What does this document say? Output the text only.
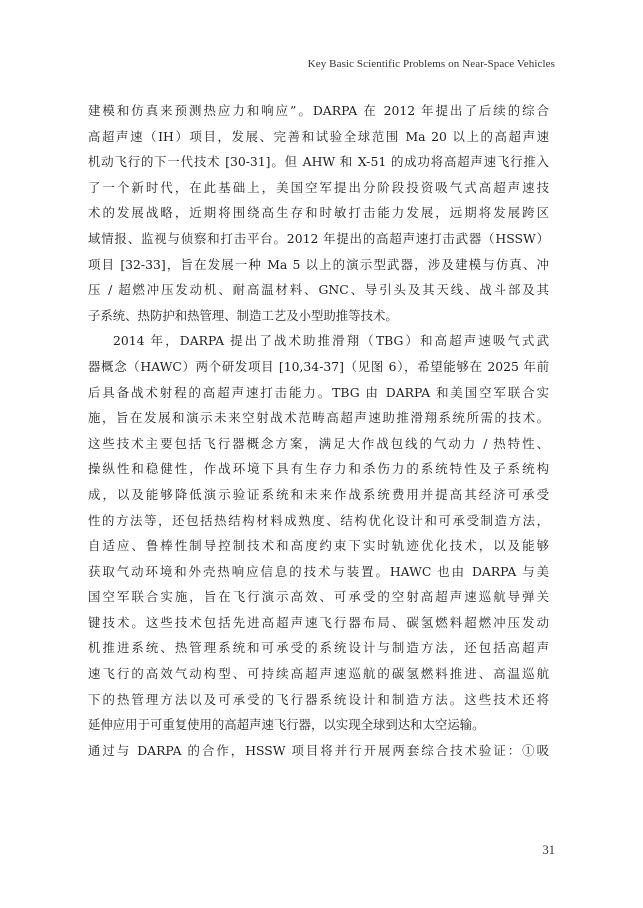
Key Basic Scientific Problems on Near-Space Vehicles
建模和仿真来预测热应力和响应”。DARPA 在 2012 年提出了后续的综合
高超声速（IH）项目，发展、完善和试验全球范围 Ma 20 以上的高超声速
机动飞行的下一代技术 [30-31]。但 AHW 和 X-51 的成功将高超声速飞行推入
了一个新时代，在此基础上，美国空军提出分阶段投资吸气式高超声速技
术的发展战略，近期将围绕高生存和时敏打击能力发展，远期将发展跨区
域情报、监视与侦察和打击平台。2012 年提出的高超声速打击武器（HSSW）
项目 [32-33]，旨在发展一种 Ma 5 以上的演示型武器，涉及建模与仿真、冲
压 / 超燃冲压发动机、耐高温材料、GNC、导引头及其天线、战斗部及其
子系统、热防护和热管理、制造工艺及小型助推等技术。
2014 年，DARPA 提出了战术助推滑翔（TBG）和高超声速吸气式武
器概念（HAWC）两个研发项目 [10,34-37]（见图 6），希望能够在 2025 年前
后具备战术射程的高超声速打击能力。TBG 由 DARPA 和美国空军联合实
施，旨在发展和演示未来空射战术范畴高超声速助推滑翔系统所需的技术。
这些技术主要包括飞行器概念方案，满足大作战包线的气动力 / 热特性、
操纵性和稳健性，作战环境下具有生存力和杀伤力的系统特性及子系统构
成，以及能够降低演示验证系统和未来作战系统费用并提高其经济可承受
性的方法等，还包括热结构材料成熟度、结构优化设计和可承受制造方法，
自适应、鲁棒性制导控制技术和高度约束下实时轨迹优化技术，以及能够
获取气动环境和外壳热响应信息的技术与装置。HAWC 也由 DARPA 与美
国空军联合实施，旨在飞行演示高效、可承受的空射高超声速巡航导弹关
键技术。这些技术包括先进高超声速飞行器布局、碳氢燃料超燃冲压发动
机推进系统、热管理系统和可承受的系统设计与制造方法，还包括高超声
速飞行的高效气动构型、可持续高超声速巡航的碳氢燃料推进、高温巡航
下的热管理方法以及可承受的飞行器系统设计和制造方法。这些技术还将
延伸应用于可重复使用的高超声速飞行器，以实现全球到达和太空运输。
通过与 DARPA 的合作，HSSW 项目将并行开展两套综合技术验证：①吸
31
